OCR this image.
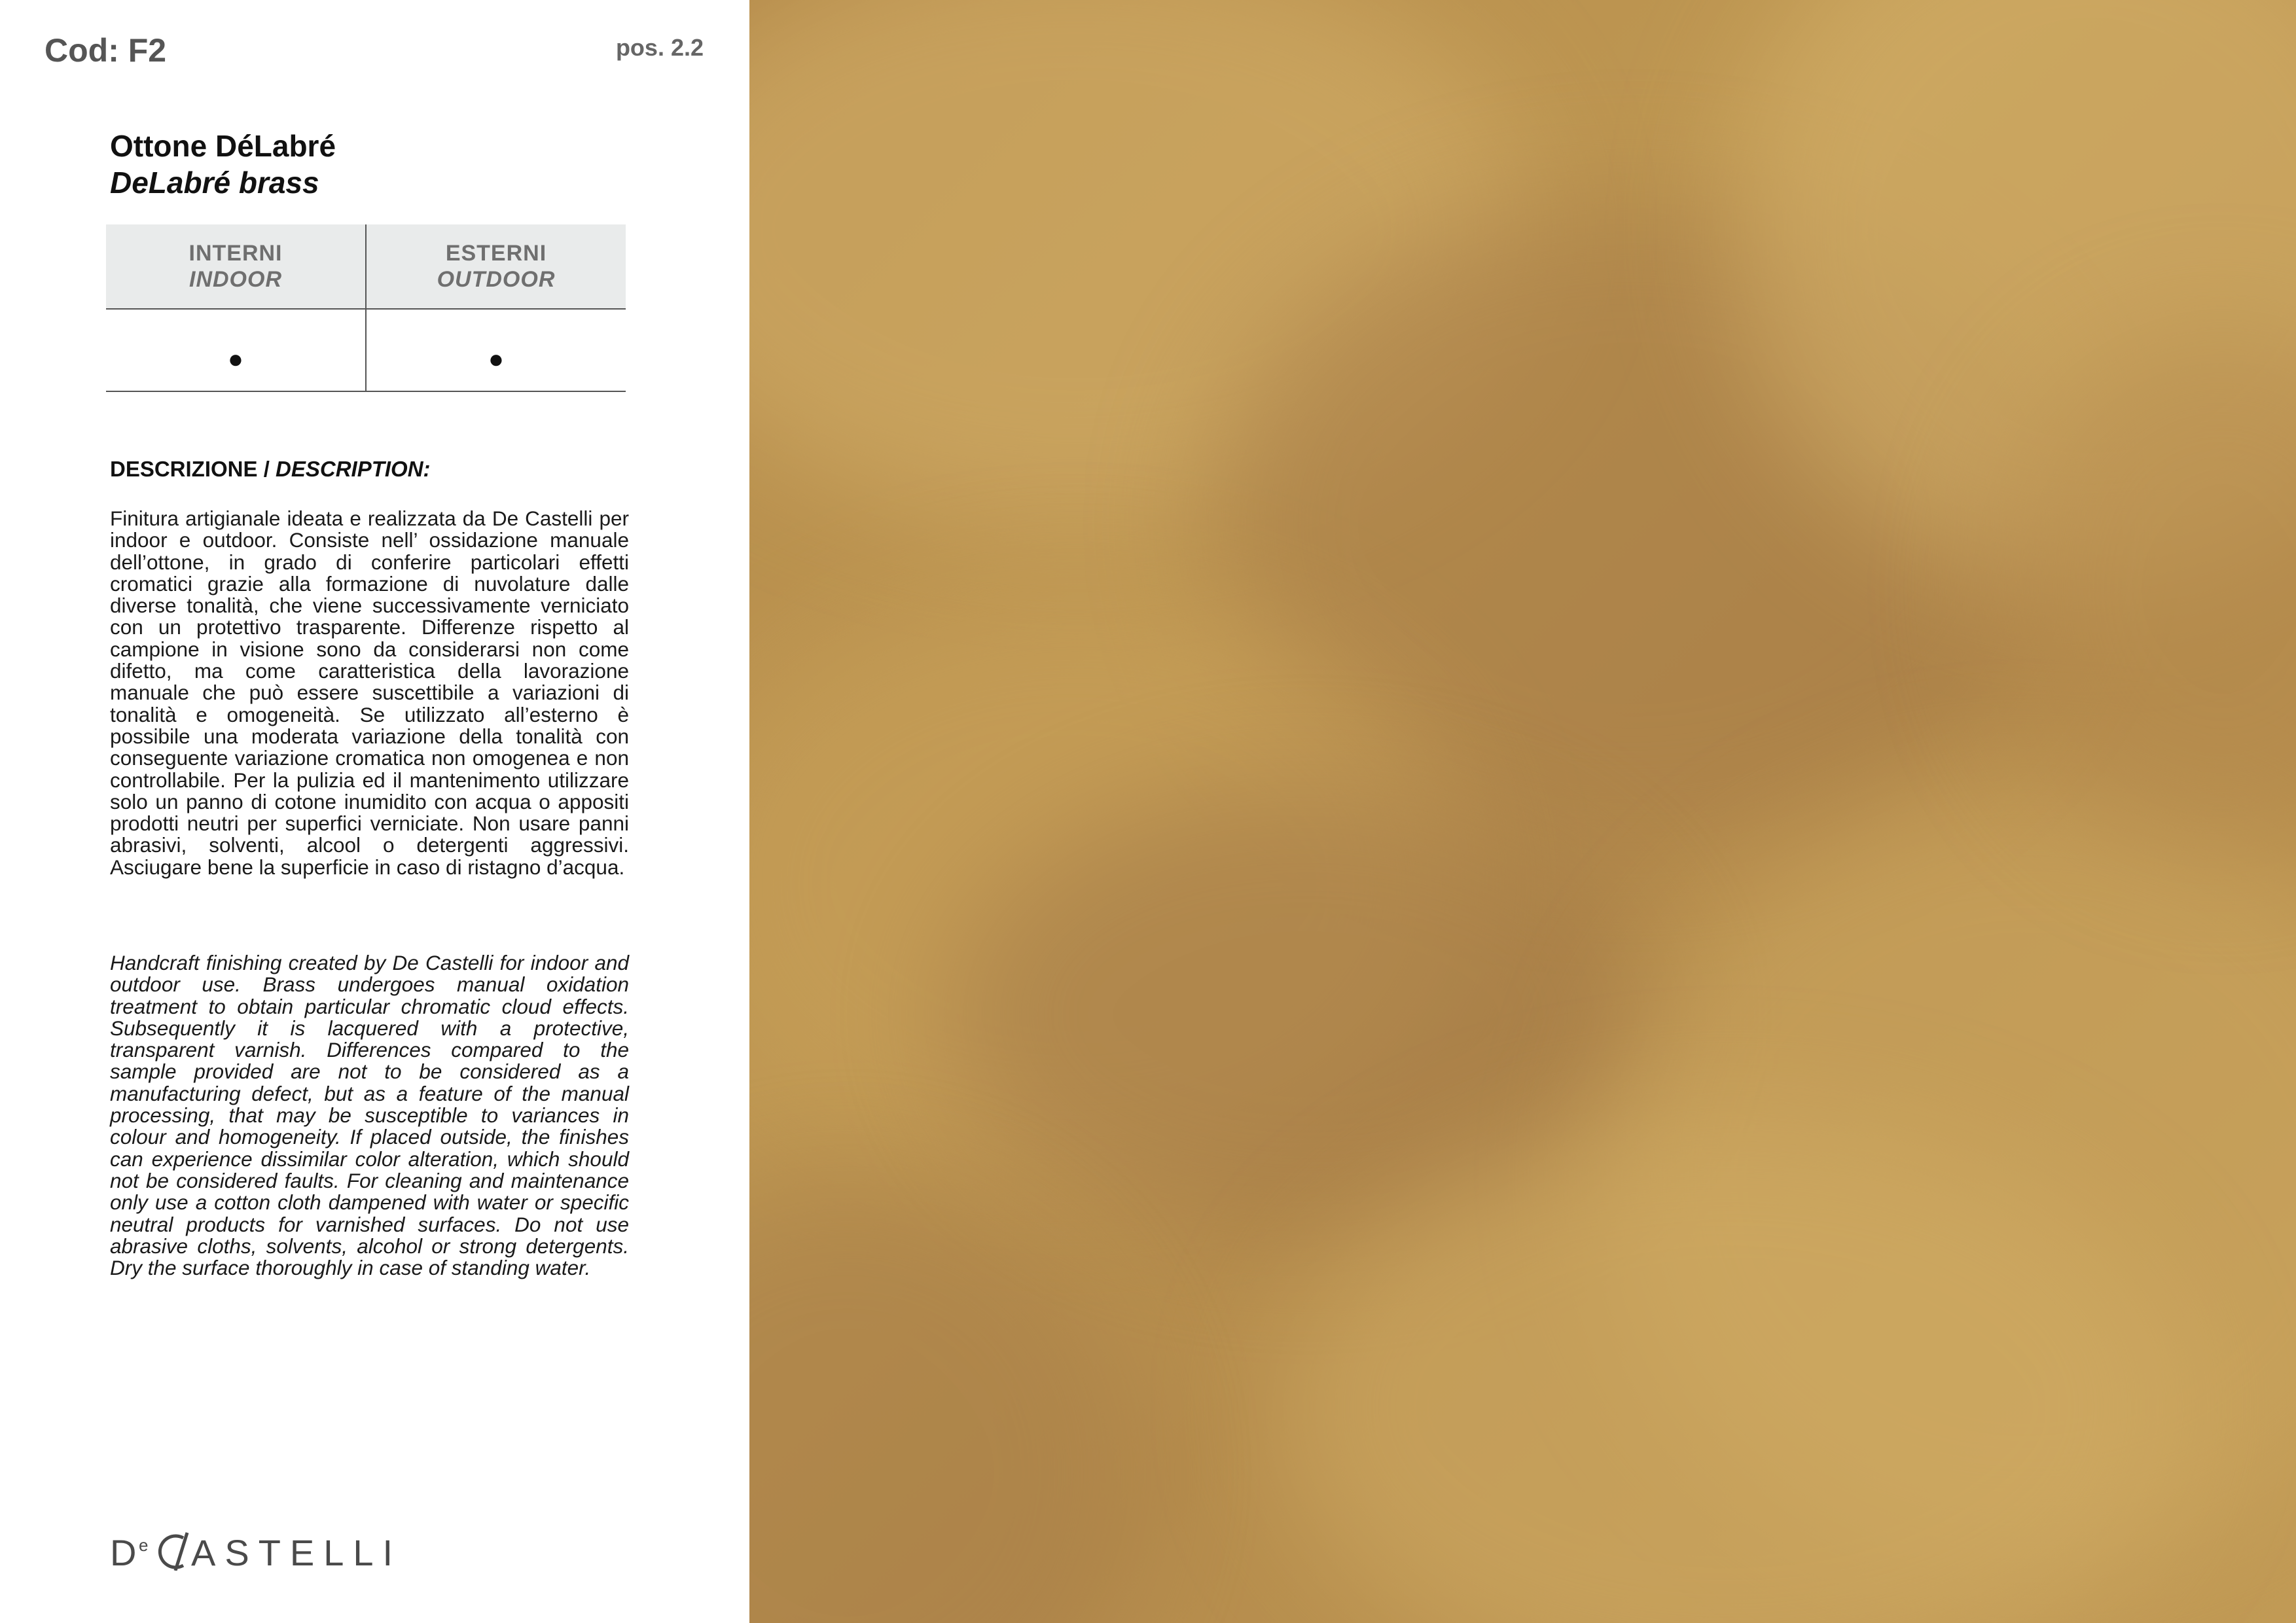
Cod: F2	pos. 2.2
Ottone DéLabré
DeLabré brass
INTERNI
INDOOR
ESTERNI
OUTDOOR
●	●
DESCRIZIONE / DESCRIPTION:
Finitura artigianale ideata e realizzata da De Castelli per indoor e outdoor. Consiste nell’ ossidazione manuale dell’ottone, in grado di conferire particolari effetti cromatici grazie alla formazione di nuvolature dalle diverse tonalità, che viene successivamente verniciato con un protettivo trasparente. Differenze rispetto al campione in visione sono da considerarsi non come difetto, ma come caratteristica della lavorazione manuale che può essere suscettibile a variazioni di tonalità e omogeneità. Se utilizzato all’esterno è possibile una moderata variazione della tonalità con conseguente variazione cromatica non omogenea e non controllabile. Per la pulizia ed il mantenimento utilizzare solo un panno di cotone inumidito con acqua o appositi prodotti neutri per superfici verniciate. Non usare panni abrasivi, solventi, alcool o detergenti aggressivi. Asciugare bene la superficie in caso di ristagno d’acqua.
Handcraft finishing created by De Castelli for indoor and outdoor use. Brass undergoes manual oxidation treatment to obtain particular chromatic cloud effects. Subsequently it is lacquered with a protective, transparent varnish. Differences compared to the sample provided are not to be considered as a manufacturing defect, but as a feature of the manual processing, that may be susceptible to variances in colour and homogeneity. If placed outside, the finishes can experience dissimilar color alteration, which should not be considered faults. For cleaning and maintenance only use a cotton cloth dampened with water or specific neutral products for varnished surfaces. Do not use abrasive cloths, solvents, alcohol or strong detergents. Dry the surface thoroughly in case of standing water.
D e ASTELLI
